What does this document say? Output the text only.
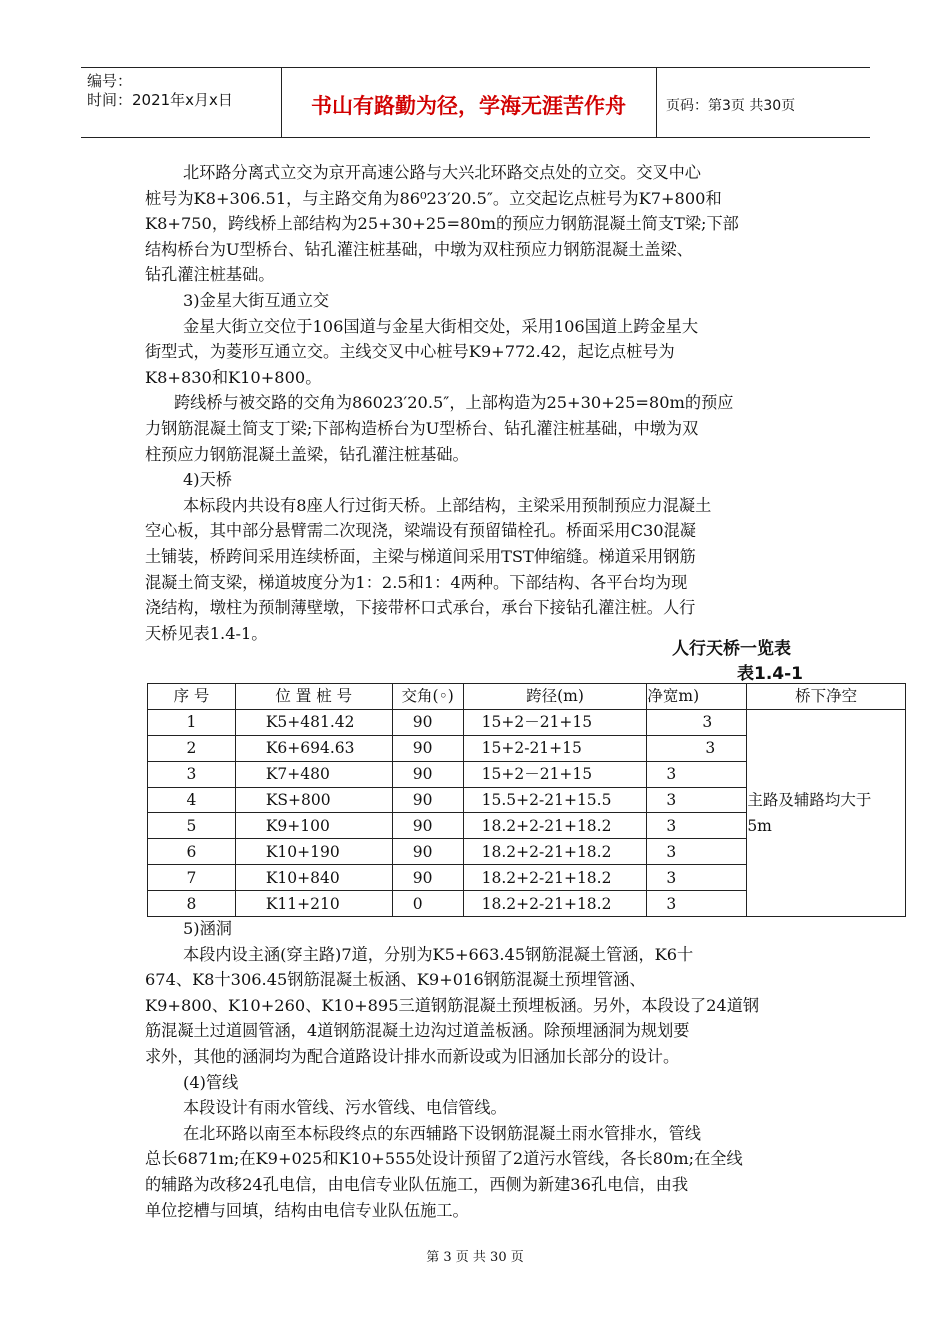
编号：
时间：2021年x月x日	书山有路勤为径，学海无涯苦作舟	页码：第3页 共30页

北环路分离式立交为京开高速公路与大兴北环路交点处的立交。交叉中心

桩号为K8+306.51，与主路交角为86⁰23′20.5″。立交起讫点桩号为K7+800和

K8+750，跨线桥上部结构为25+30+25=80m的预应力钢筋混凝土简支T梁;下部

结构桥台为U型桥台、钻孔灌注桩基础，中墩为双柱预应力钢筋混凝土盖梁、

钻孔灌注桩基础。

3)金星大街互通立交

金星大街立交位于106国道与金星大街相交处，采用106国道上跨金星大

街型式，为菱形互通立交。主线交叉中心桩号K9+772.42，起讫点桩号为

K8+830和K10+800。

跨线桥与被交路的交角为86023′20.5″，上部构造为25+30+25=80m的预应

力钢筋混凝土简支丁梁;下部构造桥台为U型桥台、钻孔灌注桩基础，中墩为双

柱预应力钢筋混凝土盖梁，钻孔灌注桩基础。

4)天桥

本标段内共设有8座人行过街天桥。上部结构，主梁采用预制预应力混凝土

空心板，其中部分悬臂需二次现浇，梁端设有预留锚栓孔。桥面采用C30混凝

土铺装，桥跨间采用连续桥面，主梁与梯道间采用TST伸缩缝。梯道采用钢筋

混凝土简支梁，梯道坡度分为1：2.5和1：4两种。下部结构、各平台均为现

浇结构，墩柱为预制薄壁墩，下接带杯口式承台，承台下接钻孔灌注桩。人行

天桥见表1.4-1。

人行天桥一览表
表1.4-1
序 号	位 置 桩 号	交角(◦)	跨径(m)	净宽m)	桥下净空
1	K5+481.42	90	15+2－21+15	3	主路及辅路均大于
5m

2	K6+694.63	90	15+2-21+15	3	
3	K7+480	90	15+2－21+15	3	
4	KS+800	90	15.5+2-21+15.5	3	
5	K9+100	90	18.2+2-21+18.2	3	
6	K10+190	90	18.2+2-21+18.2	3	
7	K10+840	90	18.2+2-21+18.2	3	
8	K11+210	0	18.2+2-21+18.2	3	

5)涵洞

本段内设主涵(穿主路)7道，分别为K5+663.45钢筋混凝土管涵，K6十

674、K8十306.45钢筋混凝土板涵、K9+016钢筋混凝土预埋管涵、

K9+800、K10+260、K10+895三道钢筋混凝土预埋板涵。另外，本段设了24道钢

筋混凝土过道圆管涵，4道钢筋混凝土边沟过道盖板涵。除预埋涵洞为规划要

求外，其他的涵洞均为配合道路设计排水而新设或为旧涵加长部分的设计。

(4)管线

本段设计有雨水管线、污水管线、电信管线。

在北环路以南至本标段终点的东西辅路下设钢筋混凝土雨水管排水，管线

总长6871m;在K9+025和K10+555处设计预留了2道污水管线，各长80m;在全线

的辅路为改移24孔电信，由电信专业队伍施工，西侧为新建36孔电信，由我

单位挖槽与回填，结构由电信专业队伍施工。

第 3 页 共 30 页
